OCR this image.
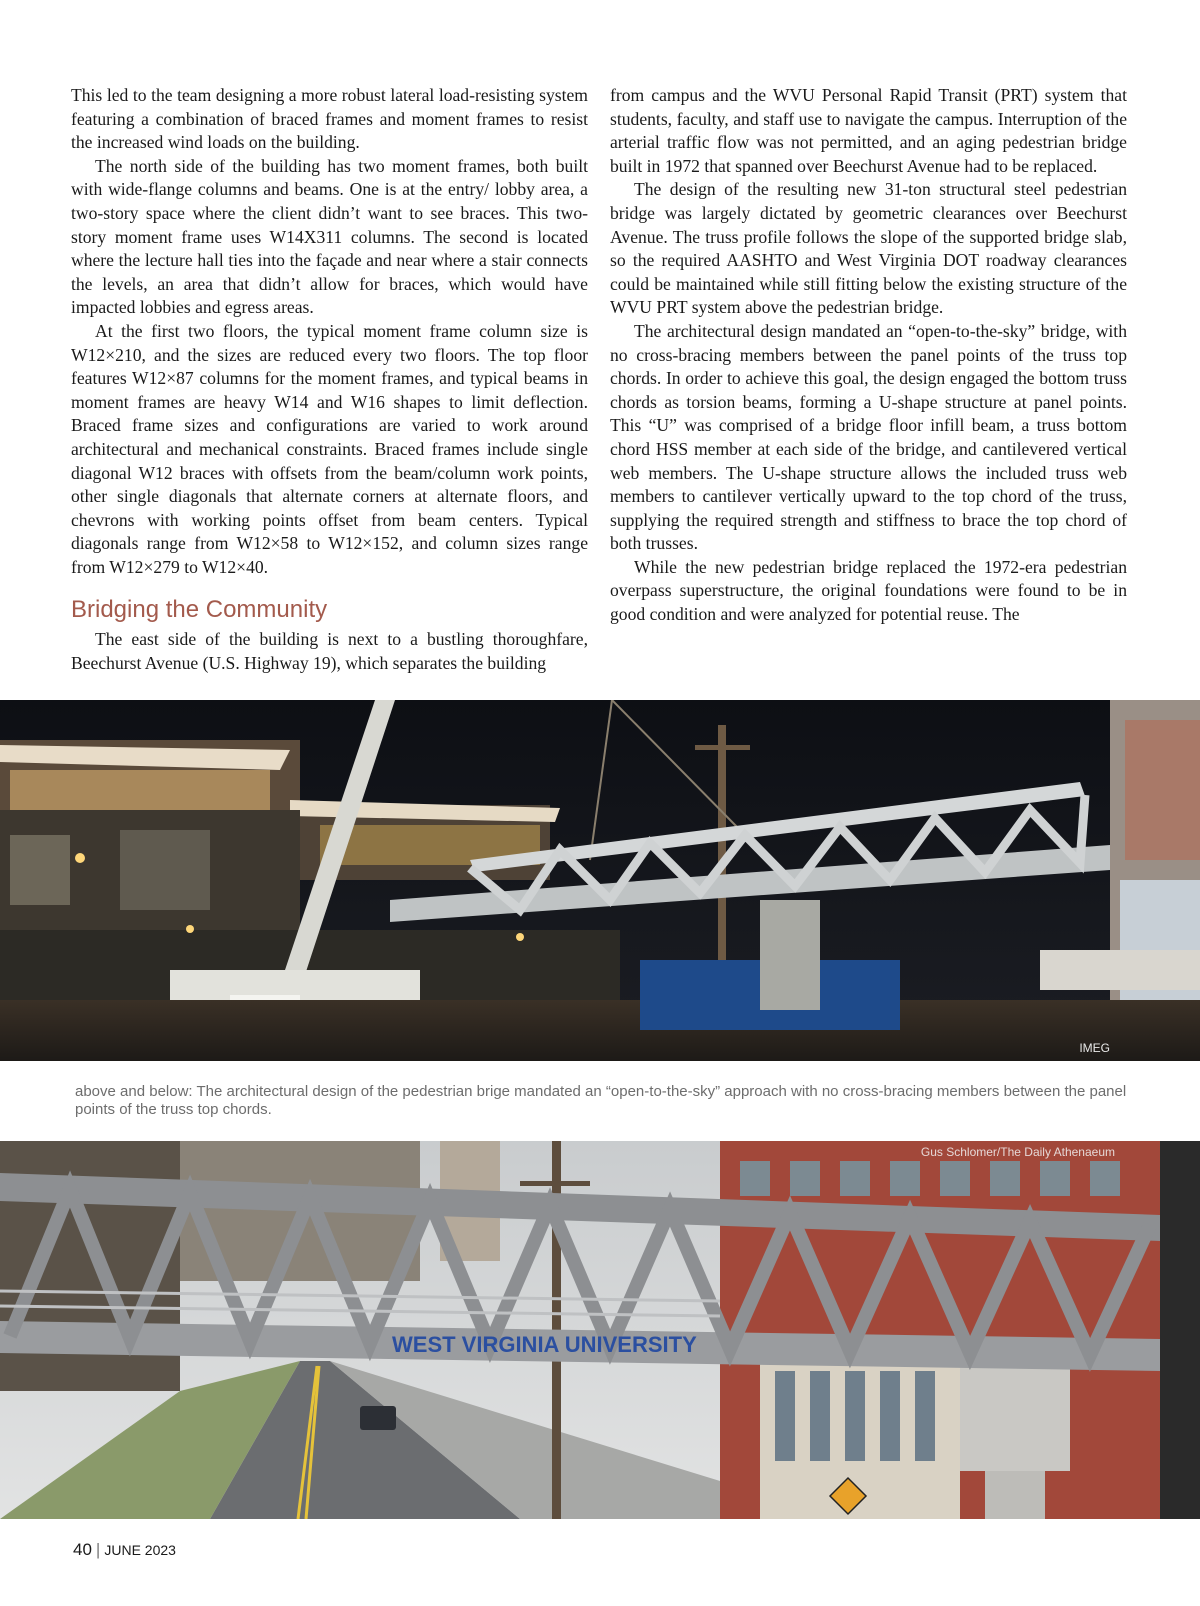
This led to the team designing a more robust lateral load-resisting system featuring a combination of braced frames and moment frames to resist the increased wind loads on the building.

The north side of the building has two moment frames, both built with wide-flange columns and beams. One is at the entry/ lobby area, a two-story space where the client didn’t want to see braces. This two-story moment frame uses W14X311 columns. The second is located where the lecture hall ties into the façade and near where a stair connects the levels, an area that didn’t allow for braces, which would have impacted lobbies and egress areas.

At the first two floors, the typical moment frame column size is W12×210, and the sizes are reduced every two floors. The top floor features W12×87 columns for the moment frames, and typical beams in moment frames are heavy W14 and W16 shapes to limit deflection. Braced frame sizes and configurations are varied to work around architectural and mechanical constraints. Braced frames include single diagonal W12 braces with offsets from the beam/column work points, other single diagonals that alternate corners at alternate floors, and chevrons with working points offset from beam centers. Typical diagonals range from W12×58 to W12×152, and column sizes range from W12×279 to W12×40.

Bridging the Community

The east side of the building is next to a bustling thoroughfare, Beechurst Avenue (U.S. Highway 19), which separates the building

from campus and the WVU Personal Rapid Transit (PRT) system that students, faculty, and staff use to navigate the campus. Interruption of the arterial traffic flow was not permitted, and an aging pedestrian bridge built in 1972 that spanned over Beechurst Avenue had to be replaced.

The design of the resulting new 31-ton structural steel pedestrian bridge was largely dictated by geometric clearances over Beechurst Avenue. The truss profile follows the slope of the supported bridge slab, so the required AASHTO and West Virginia DOT roadway clearances could be maintained while still fitting below the existing structure of the WVU PRT system above the pedestrian bridge.

The architectural design mandated an “open-to-the-sky” bridge, with no cross-bracing members between the panel points of the truss top chords. In order to achieve this goal, the design engaged the bottom truss chords as torsion beams, forming a U-shape structure at panel points. This “U” was comprised of a bridge floor infill beam, a truss bottom chord HSS member at each side of the bridge, and cantilevered vertical web members. The U-shape structure allows the included truss web members to cantilever vertically upward to the top chord of the truss, supplying the required strength and stiffness to brace the top chord of both trusses.

While the new pedestrian bridge replaced the 1972-era pedestrian overpass superstructure, the original foundations were found to be in good condition and were analyzed for potential reuse. The

IMEG
above and below: The architectural design of the pedestrian brige mandated an “open-to-the-sky” approach with no cross-bracing members between the panel points of the truss top chords.
WEST VIRGINIA UNIVERSITY
Gus Schlomer/The Daily Athenaeum
40 | JUNE 2023
